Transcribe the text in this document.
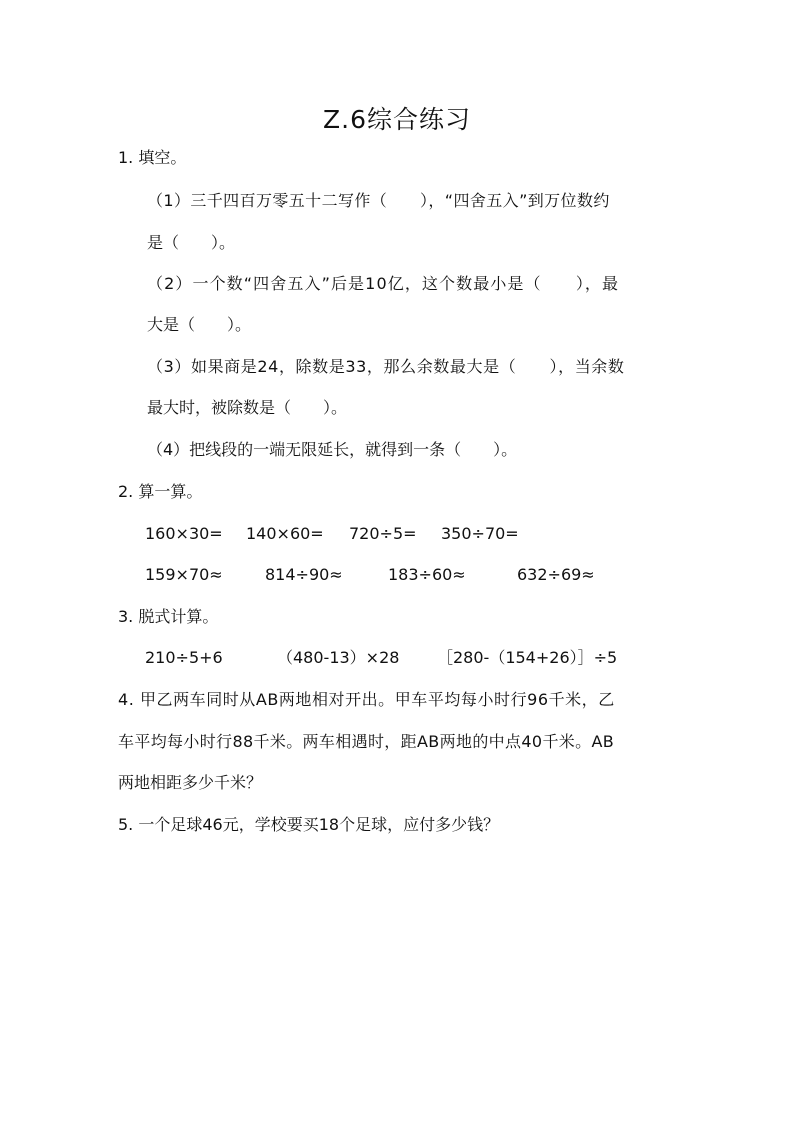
Z.6综合练习
1. 填空。
（1）三千四百万零五十二写作（　　），“四舍五入”到万位数约
是（　　）。
（2）一个数“四舍五入”后是10亿，这个数最小是（　　），最
大是（　　）。
（3）如果商是24，除数是33，那么余数最大是（　　），当余数
最大时，被除数是（　　）。
（4）把线段的一端无限延长，就得到一条（　　）。
2. 算一算。
160×30= 140×60= 720÷5= 350÷70=
159×70≈	814÷90≈	183÷60≈	632÷69≈
3. 脱式计算。
210÷5+6	（480-13）×28 ［280-（154+26）］÷5
4. 甲乙两车同时从AB两地相对开出。甲车平均每小时行96千米，乙
车平均每小时行88千米。两车相遇时，距AB两地的中点40千米。AB
两地相距多少千米？
5. 一个足球46元，学校要买18个足球，应付多少钱？
